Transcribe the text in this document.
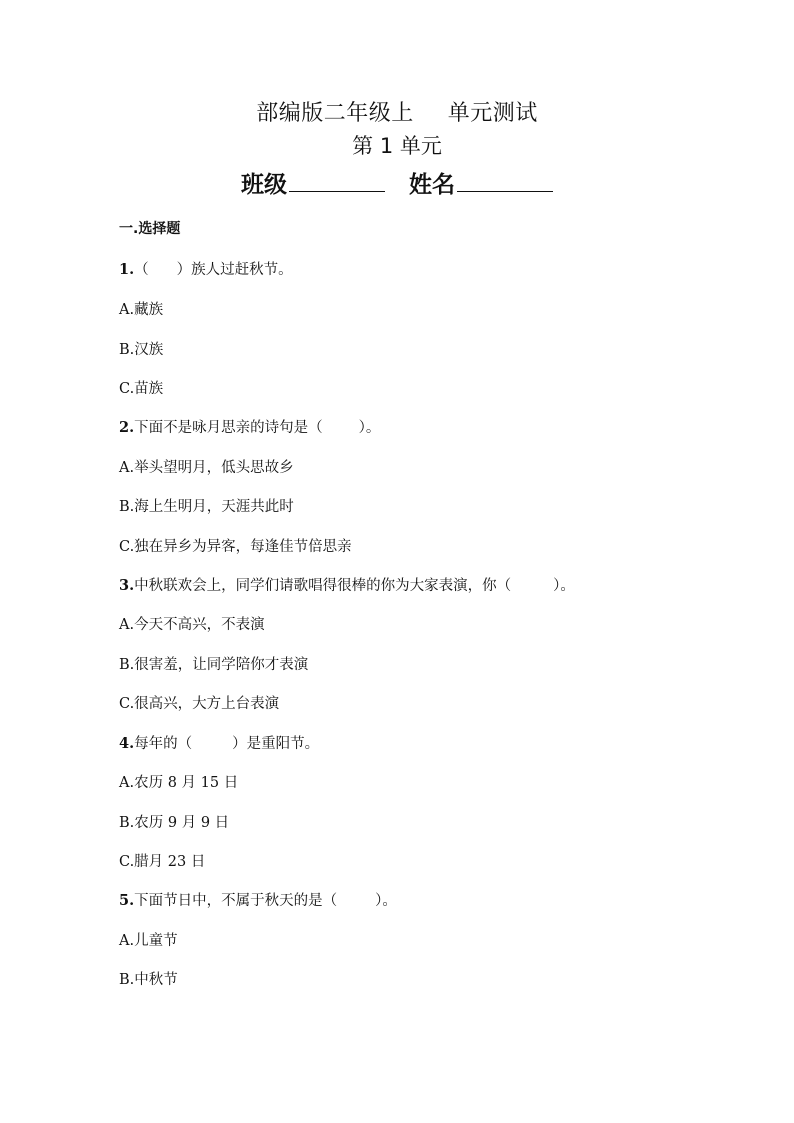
部编版二年级上 单元测试
第 1 单元
班级	姓名
一.选择题
1.（ ）族人过赶秋节。
A.藏族
B.汉族
C.苗族
2.下面不是咏月思亲的诗句是（ ）。
A.举头望明月，低头思故乡
B.海上生明月，天涯共此时
C.独在异乡为异客，每逢佳节倍思亲
3.中秋联欢会上，同学们请歌唱得很棒的你为大家表演，你（	）。
A.今天不高兴，不表演
B.很害羞，让同学陪你才表演
C.很高兴，大方上台表演
4.每年的（	）是重阳节。
A.农历 8 月 15 日
B.农历 9 月 9 日
C.腊月 23 日
5.下面节日中，不属于秋天的是（	）。
A.儿童节
B.中秋节
